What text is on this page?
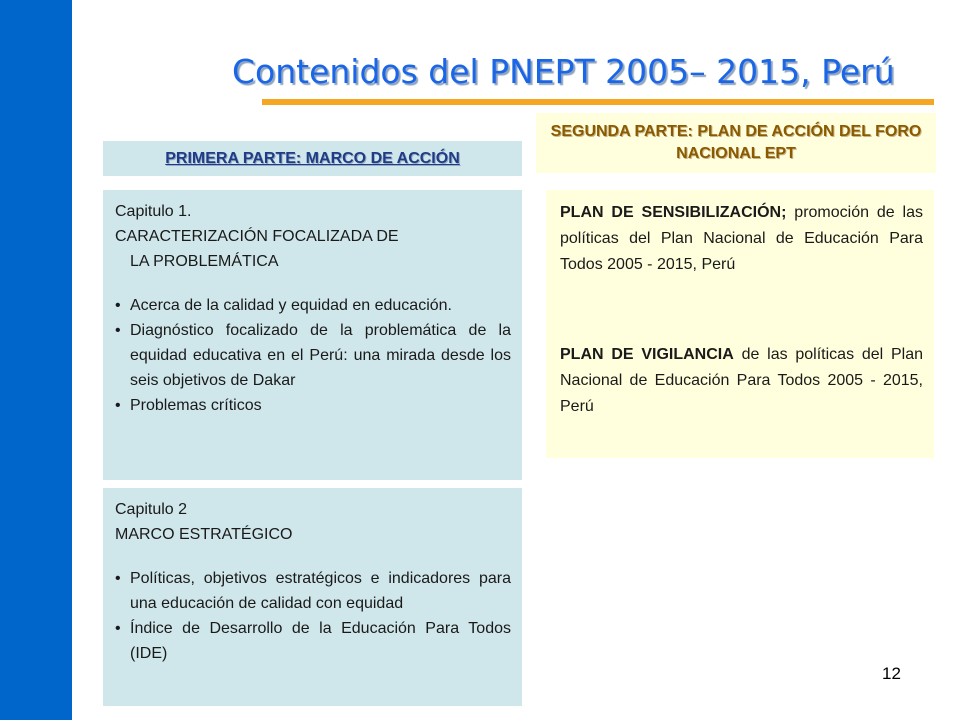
Contenidos del PNEPT 2005– 2015, Perú
PRIMERA PARTE: MARCO DE ACCIÓN
SEGUNDA PARTE: PLAN DE ACCIÓN DEL FORO NACIONAL EPT
Capitulo 1.
CARACTERIZACIÓN FOCALIZADA DE
LA PROBLEMÁTICA
• Acerca de la calidad y equidad en educación.
• Diagnóstico focalizado de la problemática de la equidad educativa en el Perú: una mirada desde los seis objetivos de Dakar
• Problemas críticos
Capitulo 2
MARCO ESTRATÉGICO
• Políticas, objetivos estratégicos e indicadores para una educación de calidad con equidad
• Índice de Desarrollo de la Educación Para Todos (IDE)
PLAN DE SENSIBILIZACIÓN; promoción de las políticas del Plan Nacional de Educación Para Todos 2005 - 2015, Perú
PLAN DE VIGILANCIA de las políticas del Plan Nacional de Educación Para Todos 2005 - 2015, Perú
12
